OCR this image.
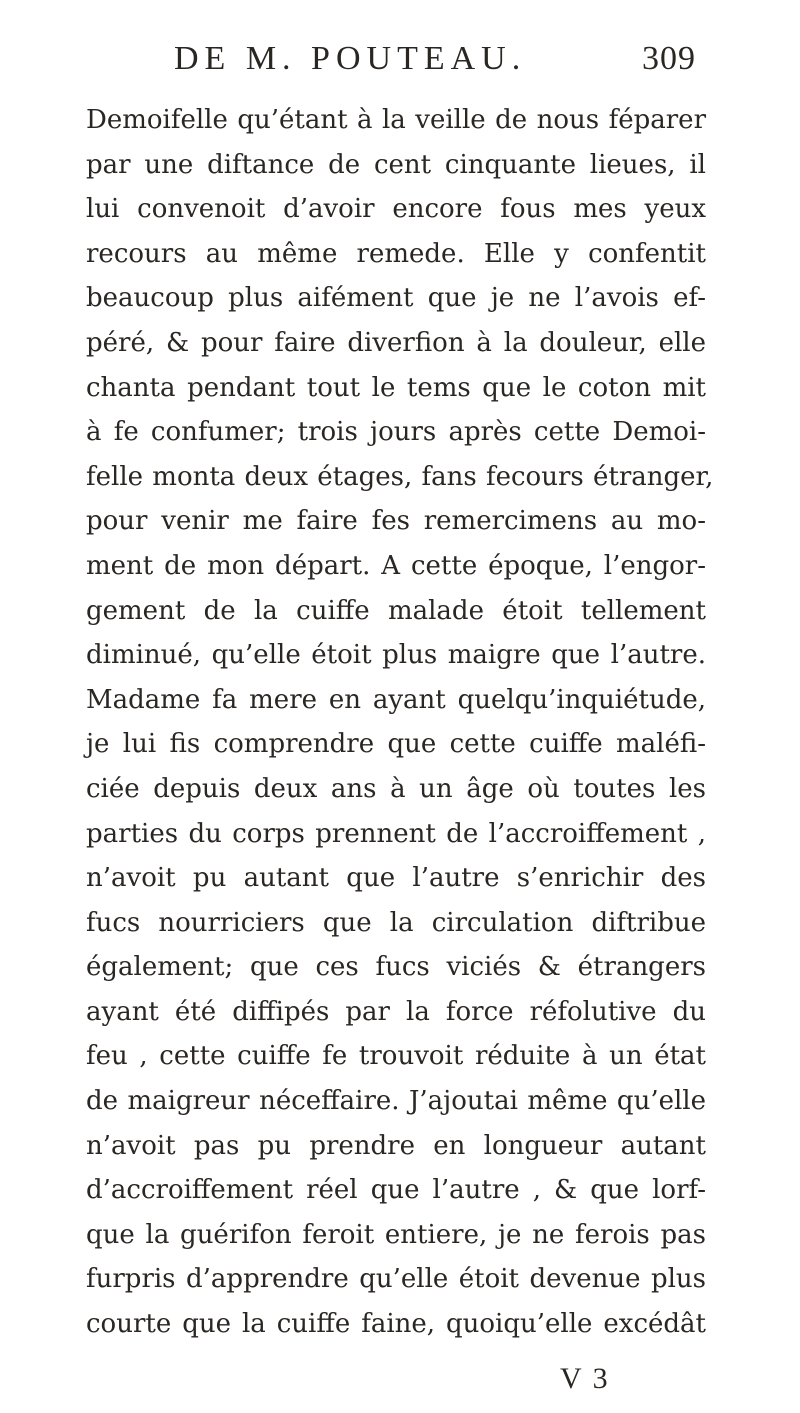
DE M. POUTEAU.	309
Demoifelle qu’étant à la veille de nous féparer
par une diftance de cent cinquante lieues, il
lui convenoit d’avoir encore fous mes yeux
recours au même remede. Elle y confentit
beaucoup plus aifément que je ne l’avois ef-
péré, & pour faire diverfion à la douleur, elle
chanta pendant tout le tems que le coton mit
à fe confumer; trois jours après cette Demoi-
felle monta deux étages, fans fecours étranger,
pour venir me faire fes remercimens au mo-
ment de mon départ. A cette époque, l’engor-
gement de la cuiffe malade étoit tellement
diminué, qu’elle étoit plus maigre que l’autre.
Madame fa mere en ayant quelqu’inquiétude,
je lui fis comprendre que cette cuiffe maléfi-
ciée depuis deux ans à un âge où toutes les
parties du corps prennent de l’accroiffement ,
n’avoit pu autant que l’autre s’enrichir des
fucs nourriciers que la circulation diftribue
également; que ces fucs viciés & étrangers
ayant été diffipés par la force réfolutive du
feu , cette cuiffe fe trouvoit réduite à un état
de maigreur néceffaire. J’ajoutai même qu’elle
n’avoit pas pu prendre en longueur autant
d’accroiffement réel que l’autre , & que lorf-
que la guérifon feroit entiere, je ne ferois pas
furpris d’apprendre qu’elle étoit devenue plus
courte que la cuiffe faine, quoiqu’elle excédât
V 3
